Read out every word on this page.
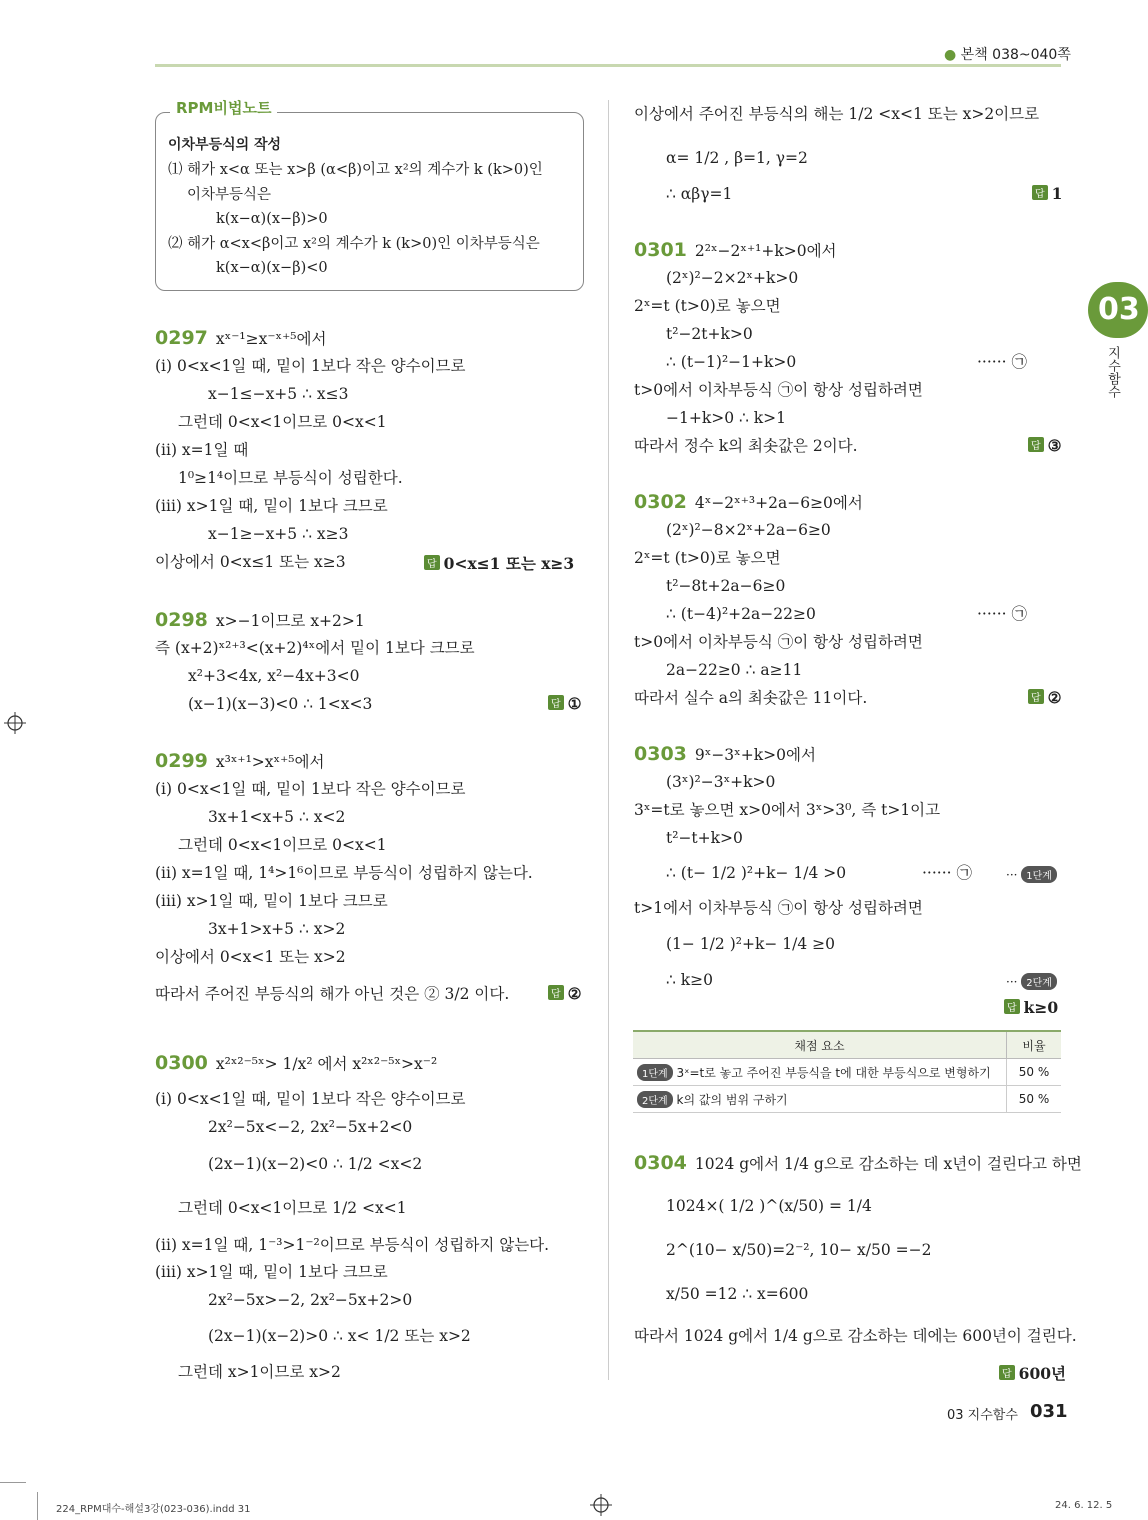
● 본책 038~040쪽
RPM비법노트
이차부등식의 작성
⑴ 해가 x<α 또는 x>β (α<β)이고 x²의 계수가 k (k>0)인
이차부등식은
k(x−α)(x−β)>0
⑵ 해가 α<x<β이고 x²의 계수가 k (k>0)인 이차부등식은
k(x−α)(x−β)<0
0297 xˣ⁻¹≥x⁻ˣ⁺⁵에서
(i) 0<x<1일 때, 밑이 1보다 작은 양수이므로
x−1≤−x+5 ∴ x≤3
그런데 0<x<1이므로 0<x<1
(ii) x=1일 때
1⁰≥1⁴이므로 부등식이 성립한다.
(iii) x>1일 때, 밑이 1보다 크므로
x−1≥−x+5 ∴ x≥3
이상에서 0<x≤1 또는 x≥3	답 0<x≤1 또는 x≥3
0298 x>−1이므로 x+2>1
즉 (x+2)ˣ²⁺³<(x+2)⁴ˣ에서 밑이 1보다 크므로
x²+3<4x, x²−4x+3<0
(x−1)(x−3)<0 ∴ 1<x<3	답 ①
0299 x³ˣ⁺¹>xˣ⁺⁵에서
(i) 0<x<1일 때, 밑이 1보다 작은 양수이므로
3x+1<x+5 ∴ x<2
그런데 0<x<1이므로 0<x<1
(ii) x=1일 때, 1⁴>1⁶이므로 부등식이 성립하지 않는다.
(iii) x>1일 때, 밑이 1보다 크므로
3x+1>x+5 ∴ x>2
이상에서 0<x<1 또는 x>2
따라서 주어진 부등식의 해가 아닌 것은 ② 3/2 이다.	답 ②
0300 x²ˣ²⁻⁵ˣ> 1/x² 에서 x²ˣ²⁻⁵ˣ>x⁻²
(i) 0<x<1일 때, 밑이 1보다 작은 양수이므로
2x²−5x<−2, 2x²−5x+2<0
(2x−1)(x−2)<0 ∴ 1/2 <x<2
그런데 0<x<1이므로 1/2 <x<1
(ii) x=1일 때, 1⁻³>1⁻²이므로 부등식이 성립하지 않는다.
(iii) x>1일 때, 밑이 1보다 크므로
2x²−5x>−2, 2x²−5x+2>0
(2x−1)(x−2)>0 ∴ x< 1/2 또는 x>2
그런데 x>1이므로 x>2
이상에서 주어진 부등식의 해는 1/2 <x<1 또는 x>2이므로
α= 1/2 , β=1, γ=2
∴ αβγ=1	답 1
0301 2²ˣ−2ˣ⁺¹+k>0에서
(2ˣ)²−2×2ˣ+k>0
2ˣ=t (t>0)로 놓으면
t²−2t+k>0
∴ (t−1)²−1+k>0	······ ㉠
t>0에서 이차부등식 ㉠이 항상 성립하려면
−1+k>0 ∴ k>1
따라서 정수 k의 최솟값은 2이다.	답 ③
0302 4ˣ−2ˣ⁺³+2a−6≥0에서
(2ˣ)²−8×2ˣ+2a−6≥0
2ˣ=t (t>0)로 놓으면
t²−8t+2a−6≥0
∴ (t−4)²+2a−22≥0	······ ㉠
t>0에서 이차부등식 ㉠이 항상 성립하려면
2a−22≥0 ∴ a≥11
따라서 실수 a의 최솟값은 11이다.	답 ②
0303 9ˣ−3ˣ+k>0에서
(3ˣ)²−3ˣ+k>0
3ˣ=t로 놓으면 x>0에서 3ˣ>3⁰, 즉 t>1이고
t²−t+k>0
∴ (t− 1/2 )²+k− 1/4 >0	······ ㉠	··· 1단계
t>1에서 이차부등식 ㉠이 항상 성립하려면
(1− 1/2 )²+k− 1/4 ≥0
∴ k≥0	··· 2단계
답 k≥0
채점 요소	비율
1단계 3ˣ=t로 놓고 주어진 부등식을 t에 대한 부등식으로 변형하기	50 %
2단계 k의 값의 범위 구하기	50 %
0304 1024 g에서 1/4 g으로 감소하는 데 x년이 걸린다고 하면
1024×( 1/2 )^(x/50) = 1/4
2^(10− x/50)=2⁻², 10− x/50 =−2
x/50 =12 ∴ x=600
따라서 1024 g에서 1/4 g으로 감소하는 데에는 600년이 걸린다.
답 600년
03
지수함수
03 지수함수 031
224_RPM대수-해설3강(023-036).indd 31	24. 6. 12. 5
